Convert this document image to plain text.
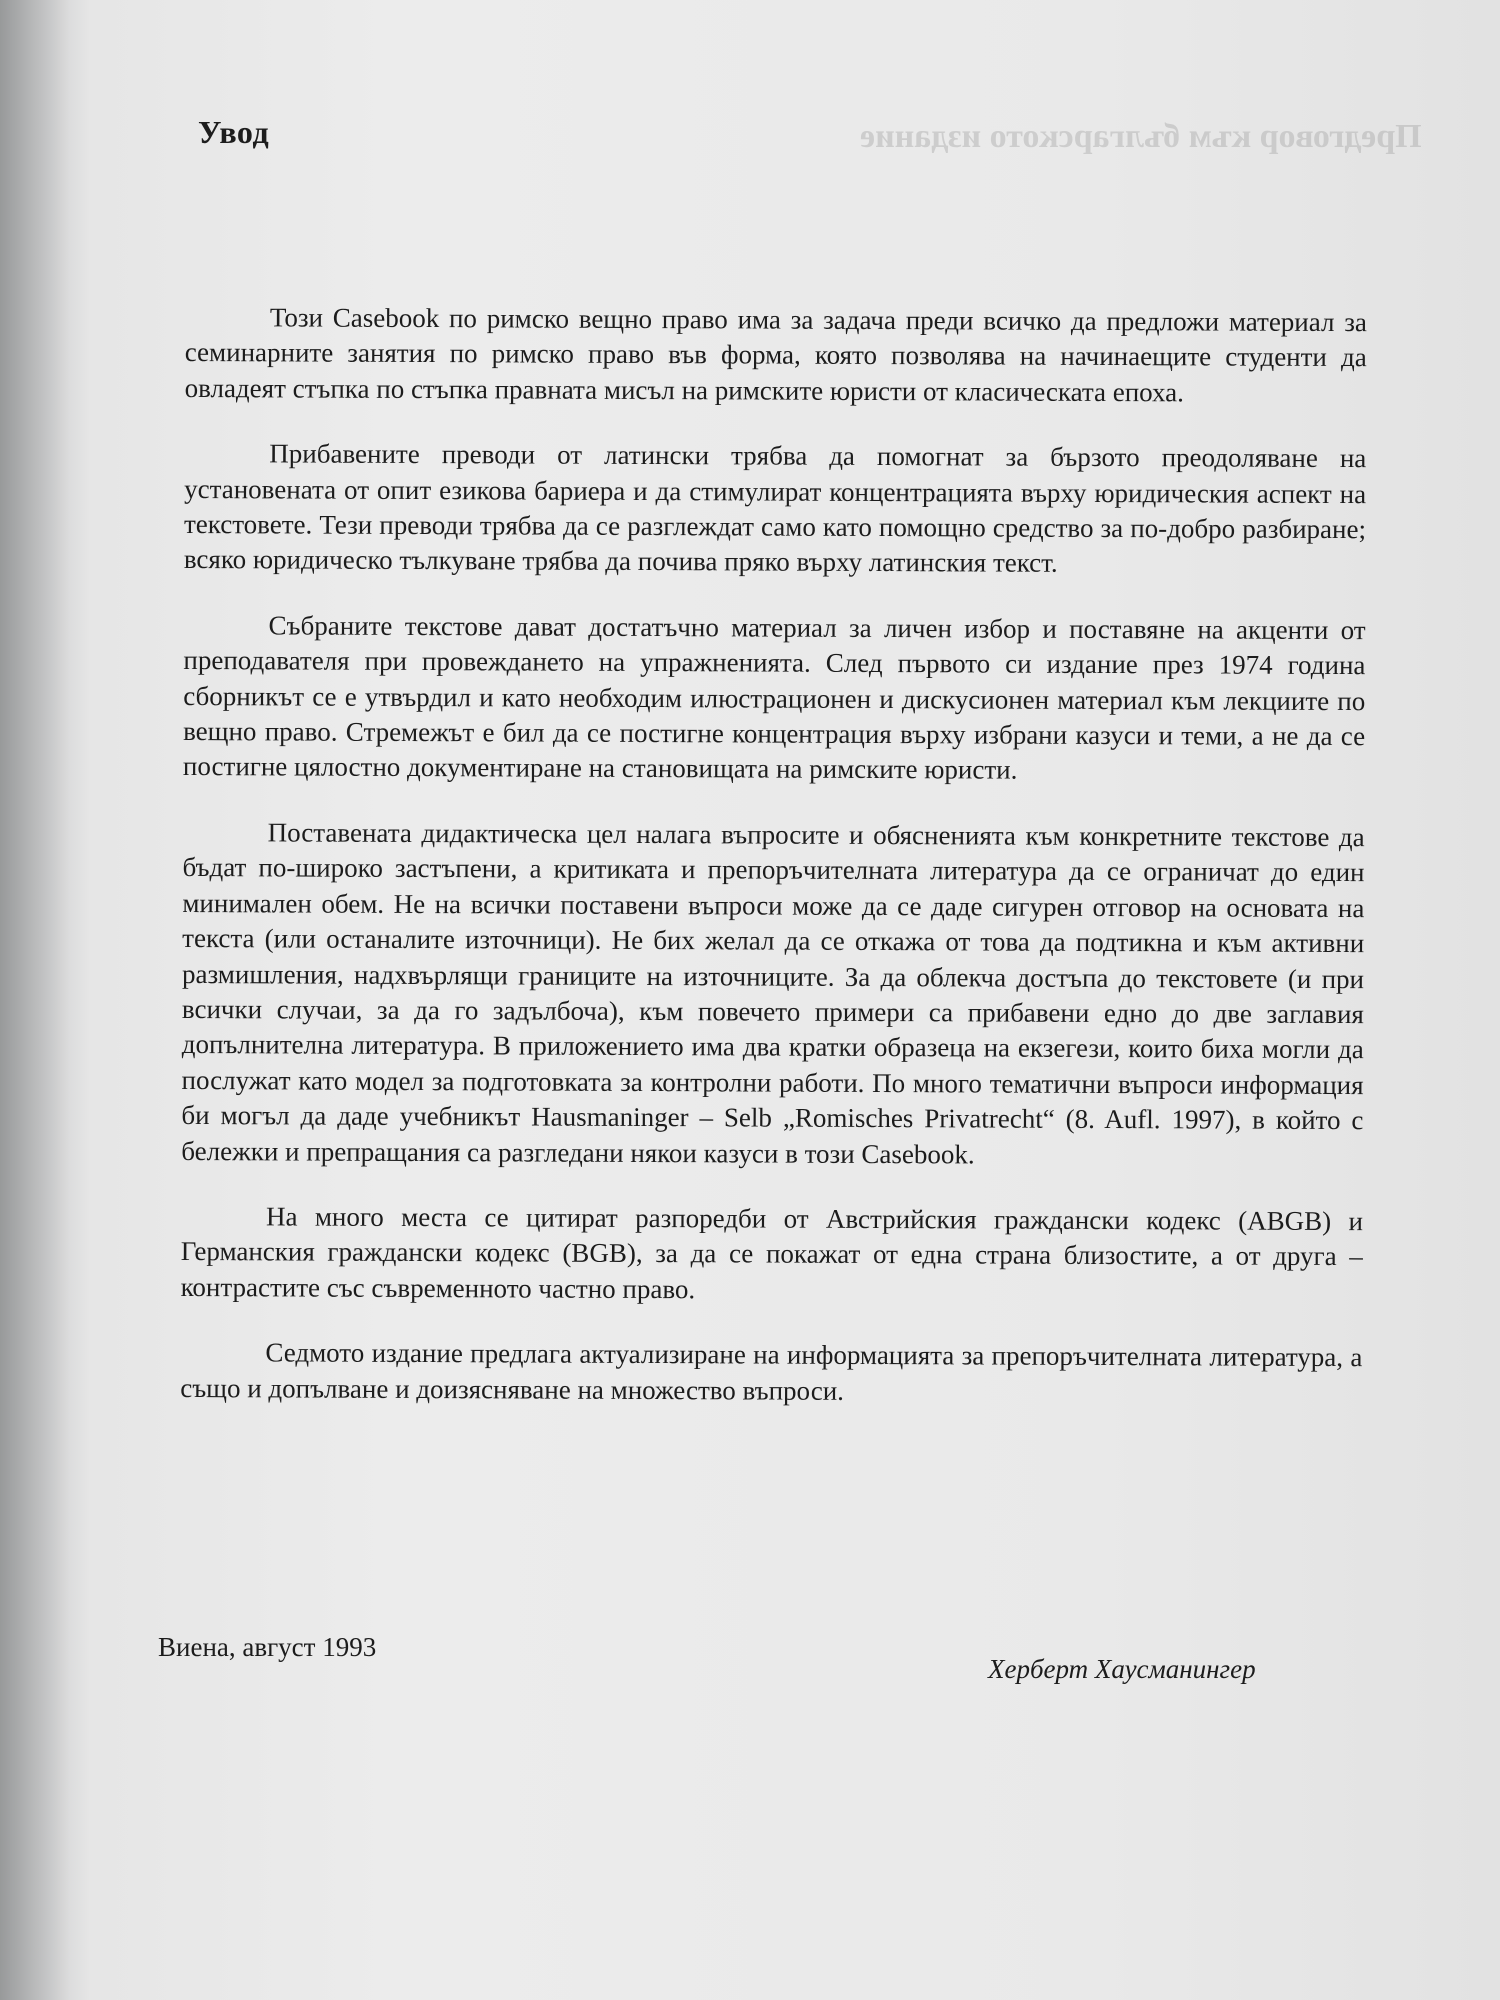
Предговор към българското издание
Увод

Този Casebook по римско вещно право има за задача преди всичко да предложи материал за семинарните занятия по римско право във форма, която позволява на начинаещите студенти да овладеят стъпка по стъпка правната мисъл на римските юристи от класическата епоха.

Прибавените преводи от латински трябва да помогнат за бързото преодоляване на установената от опит езикова бариера и да стимулират концентрацията върху юридическия аспект на текстовете. Тези преводи трябва да се разглеждат само като помощно средство за по-добро разбиране; всяко юридическо тълкуване трябва да почива пряко върху латинския текст.

Събраните текстове дават достатъчно материал за личен избор и поставяне на акценти от преподавателя при провеждането на упражненията. След първото си издание през 1974 година сборникът се е утвърдил и като необходим илюстрационен и дискусионен материал към лекциите по вещно право. Стремежът е бил да се постигне концентрация върху избрани казуси и теми, а не да се постигне цялостно документиране на становищата на римските юристи.

Поставената дидактическа цел налага въпросите и обясненията към конкретните текстове да бъдат по-широко застъпени, а критиката и препоръчителната литература да се ограничат до един минимален обем. Не на всички поставени въпроси може да се даде сигурен отговор на основата на текста (или останалите източници). Не бих желал да се откажа от това да подтикна и към активни размишления, надхвърлящи границите на източниците. За да облекча достъпа до текстовете (и при всички случаи, за да го задълбоча), към повечето примери са прибавени едно до две заглавия допълнителна литература. В приложението има два кратки образеца на екзегези, които биха могли да послужат като модел за подготовката за контролни работи. По много тематични въпроси информация би могъл да даде учебникът Hausmaninger – Selb „Romisches Privatrecht“ (8. Aufl. 1997), в който с бележки и препращания са разгледани някои казуси в този Casebook.

На много места се цитират разпоредби от Австрийския граждански кодекс (ABGB) и Германския граждански кодекс (BGB), за да се покажат от една страна близостите, а от друга – контрастите със съвременното частно право.

Седмото издание предлага актуализиране на информацията за препоръчителната литература, а също и допълване и доизясняване на множество въпроси.

Виена, август 1993
Херберт Хаусманингер
